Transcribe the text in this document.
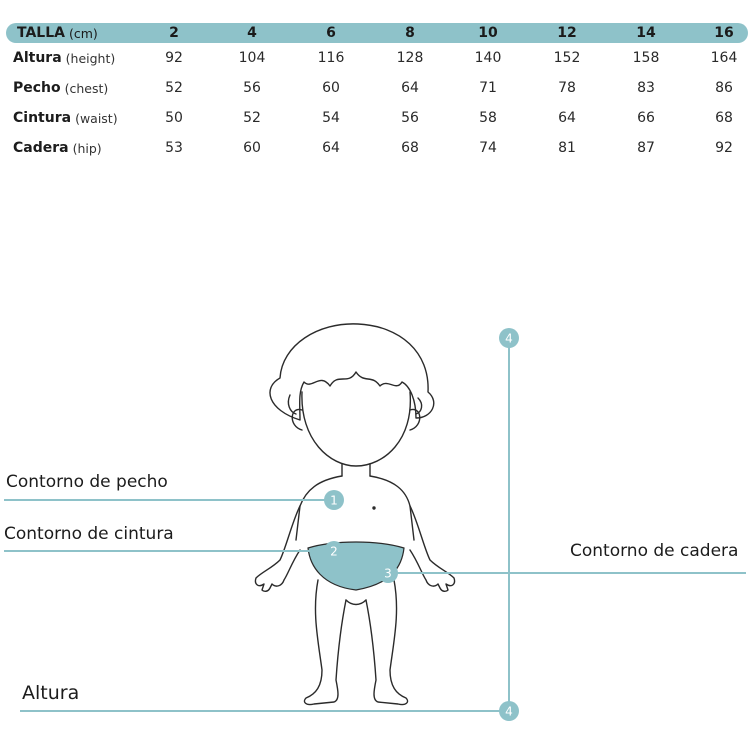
TALLA (cm)	2	4	6	8	10	12	14	16
Altura (height)	92	104	116	128	140	152	158	164
Pecho (chest)	52	56	60	64	71	78	83	86
Cintura (waist)	50	52	54	56	58	64	66	68
Cadera (hip)	53	60	64	68	74	81	87	92
1
2
3
4
4
Contorno de pecho
Contorno de cintura
Contorno de cadera
Altura
